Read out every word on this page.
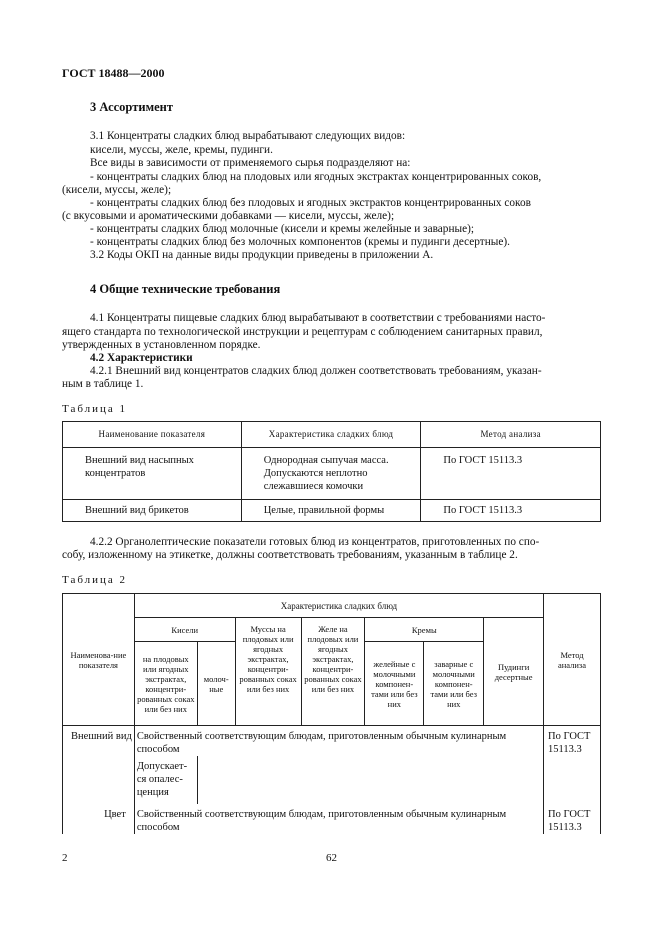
ГОСТ 18488—2000
3 Ассортимент
3.1 Концентраты сладких блюд вырабатывают следующих видов:
кисели, муссы, желе, кремы, пудинги.
Все виды в зависимости от применяемого сырья подразделяют на:
- концентраты сладких блюд на плодовых или ягодных экстрактах концентрированных соков,
(кисели, муссы, желе);
- концентраты сладких блюд без плодовых и ягодных экстрактов концентрированных соков
(с вкусовыми и ароматическими добавками — кисели, муссы, желе);
- концентраты сладких блюд молочные (кисели и кремы желейные и заварные);
- концентраты сладких блюд без молочных компонентов (кремы и пудинги десертные).
3.2 Коды ОКП на данные виды продукции приведены в приложении А.
4 Общие технические требования
4.1 Концентраты пищевые сладких блюд вырабатывают в соответствии с требованиями насто-
ящего стандарта по технологической инструкции и рецептурам с соблюдением санитарных правил,
утвержденных в установленном порядке.
4.2 Характеристики
4.2.1 Внешний вид концентратов сладких блюд должен соответствовать требованиям, указан-
ным в таблице 1.
Таблица 1
Наименование показателя	Характеристика сладких блюд	Метод анализа
Внешний вид насыпных концентратов	Однородная сыпучая масса. Допускаются неплотно слежавшиеся комочки	По ГОСТ 15113.3
Внешний вид брикетов	Целые, правильной формы	По ГОСТ 15113.3
4.2.2 Органолептические показатели готовых блюд из концентратов, приготовленных по спо-
собу, изложенному на этикетке, должны соответствовать требованиям, указанным в таблице 2.
Таблица 2
Наименова-ние показателя	Характеристика сладких блюд							Метод анализа
	Кисели		Муссы на плодовых или ягодных экстрактах, концентри-рованных соках или без них	Желе на плодовых или ягодных экстрактах, концентри-рованных соках или без них	Кремы		Пудинги десертные	
	на плодовых или ягодных экстрактах, концентри-рованных соках или без них	молоч-ные			желейные с молочными компонен-тами или без них	заварные с молочными компонен-тами или без них		
Внешний вид	Свойственный соответствующим блюдам, приготовленным обычным кулинарным способом							По ГОСТ 15113.3
	Допускает-ся опалес-ценция							
Цвет	Свойственный соответствующим блюдам, приготовленным обычным кулинарным способом							По ГОСТ 15113.3
2	62
